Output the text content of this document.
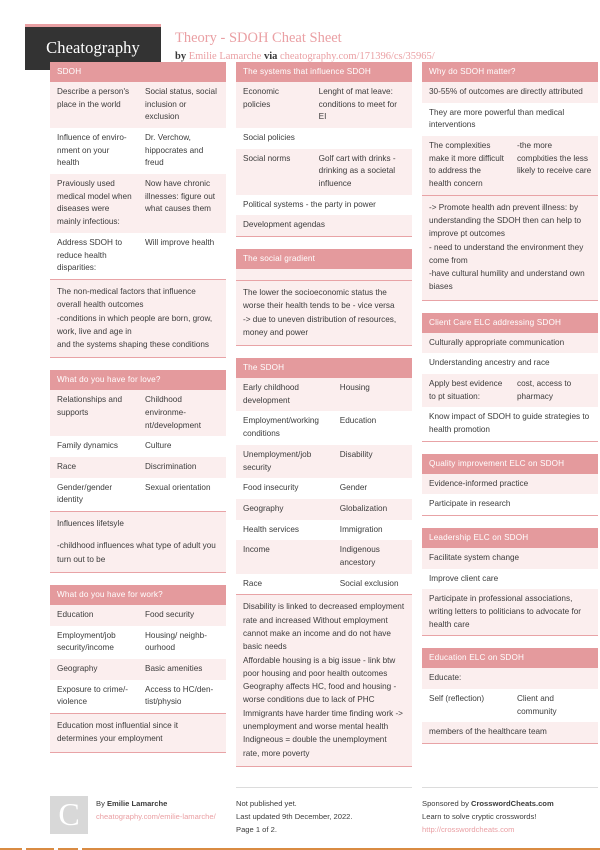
Cheatography Theory - SDOH Cheat Sheet
by Emilie Lamarche via cheatography.com/171396/cs/35965/
SDOH
Describe a person's place in the world	Social status, social inclusion or exclusion
Influence of environment on your health	Dr. Verchow, hippocrates and freud
Praviously used medical model when diseases were mainly infectious:	Now have chronic illnesses: figure out what causes them
Address SDOH to reduce health disparities:	Will improve health

The non-medical factors that influence overall health outcomes

-conditions in which people are born, grow, work, live and age in

and the systems shaping these conditions

What do you have for love?
Relationships and supports	Childhood environment/development
Family dynamics	Culture
Race	Discrimination
Gender/gender identity	Sexual orientation

Influences lifetsyle

-childhood influences what type of adult you turn out to be

What do you have for work?
Education	Food security
Employment/job security/income	Housing/ neighbourhood
Geography	Basic amenities
Exposure to crime/violence	Access to HC/dentist/physio

Education most influential since it determines your employment

The systems that influence SDOH
Economic policies	Lenght of mat leave: conditions to meet for EI
Social policies	
Social norms	Golf cart with drinks - drinking as a societal influence
Political systems - the party in power	
Development agendas	
The social gradient

The lower the socioeconomic status the worse their health tends to be - vice versa

-> due to uneven distribution of resources, money and power

The SDOH
Early childhood development	Housing
Employment/working conditions	Education
Unemployment/job security	Disability
Food insecurity	Gender
Geography	Globalization
Health services	Immigration
Income	Indigenous ancestory
Race	Social exclusion

Disability is linked to decreased employment rate and increased Without employment cannot make an income and do not have basic needs

Affordable housing is a big issue - link btw poor housing and poor health outcomes

Geography affects HC, food and housing - worse conditions due to lack of PHC

Immigrants have harder time finding work -> unemployment and worse mental health

Indigneous = double the unemployment rate, more poverty

Why do SDOH matter?
30-55% of outcomes are directly attributed
They are more powerful than medical interventions
The complexities make it more difficult to address the health concern	-the more complxities the less likely to receive care

-> Promote health adn prevent illness: by understanding the SDOH then can help to improve pt outcomes

- need to understand the environment they come from

-have cultural humility and understand own biases

Client Care ELC addressing SDOH
Culturally appropriate communication
Understanding ancestry and race
Apply best evidence to pt situation:	cost, access to pharmacy
Know impact of SDOH to guide strategies to health promotion
Quality improvement ELC on SDOH
Evidence-informed practice
Participate in research
Leadership ELC on SDOH
Facilitate system change
Improve client care
Participate in professional associations, writing letters to politicians to advocate for health care
Education ELC on SDOH
Educate:
Self (reflection)	Client and community
members of the healthcare team
C	By Emilie Lamarche
cheatography.com/emilie-lamarche/
Not published yet.
Last updated 9th December, 2022.
Page 1 of 2.
Sponsored by CrosswordCheats.com
Learn to solve cryptic crosswords!
http://crosswordcheats.com
